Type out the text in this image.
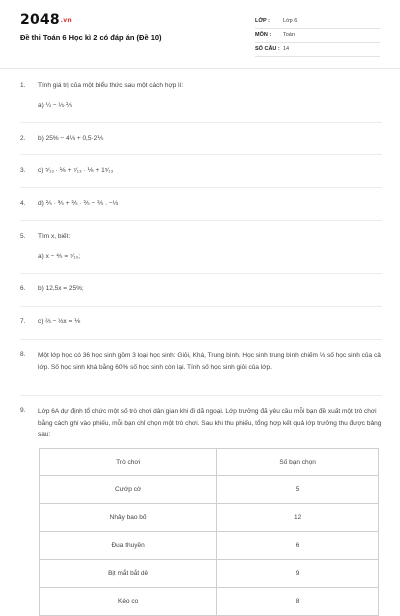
2048.vn
Đề thi Toán 6 Học kì 2 có đáp án (Đề 10)
LỚP : Lớp 6
MÔN : Toán
SỐ CÂU : 14
1.	Tính giá trị của một biểu thức sau một cách hợp lí:
a) ¼ − ⅓·⅖
2.	b) 25% − 4⅓ + 0,5·2⅕
3.	c) ⁵⁄₁₃ · ⅙ + ⁷⁄₁₃ · ⅙ + 1⁵⁄₁₃
4.	d) ⅖ · ⅗ + ⅖ · ⅖ − ⅖ . −⅓
5.	Tìm x, biết:
a) x − ⅘ = ⁷⁄₁₀;
6.	b) 12,5x = 25%;
7.	c) ⅔ − ⅓x = ⅙
8.	Một lớp học có 36 học sinh gồm 3 loại học sinh: Giỏi, Khá, Trung bình. Học sinh trung bình chiếm ⅓ số học sinh của cả lớp. Số học sinh khá bằng 60% số học sinh còn lại. Tính số học sinh giỏi của lớp.
9.	Lớp 6A dự định tổ chức một số trò chơi dân gian khi đi dã ngoại. Lớp trưởng đã yêu cầu mỗi bạn đề xuất một trò chơi bằng cách ghi vào phiếu, mỗi bạn chỉ chọn một trò chơi. Sau khi thu phiếu, tổng hợp kết quả lớp trưởng thu được bảng sau:
Trò chơi	Số bạn chọn
Cướp cờ	5
Nhảy bao bố	12
Đua thuyền	6
Bịt mắt bắt dê	9
Kéo co	8
